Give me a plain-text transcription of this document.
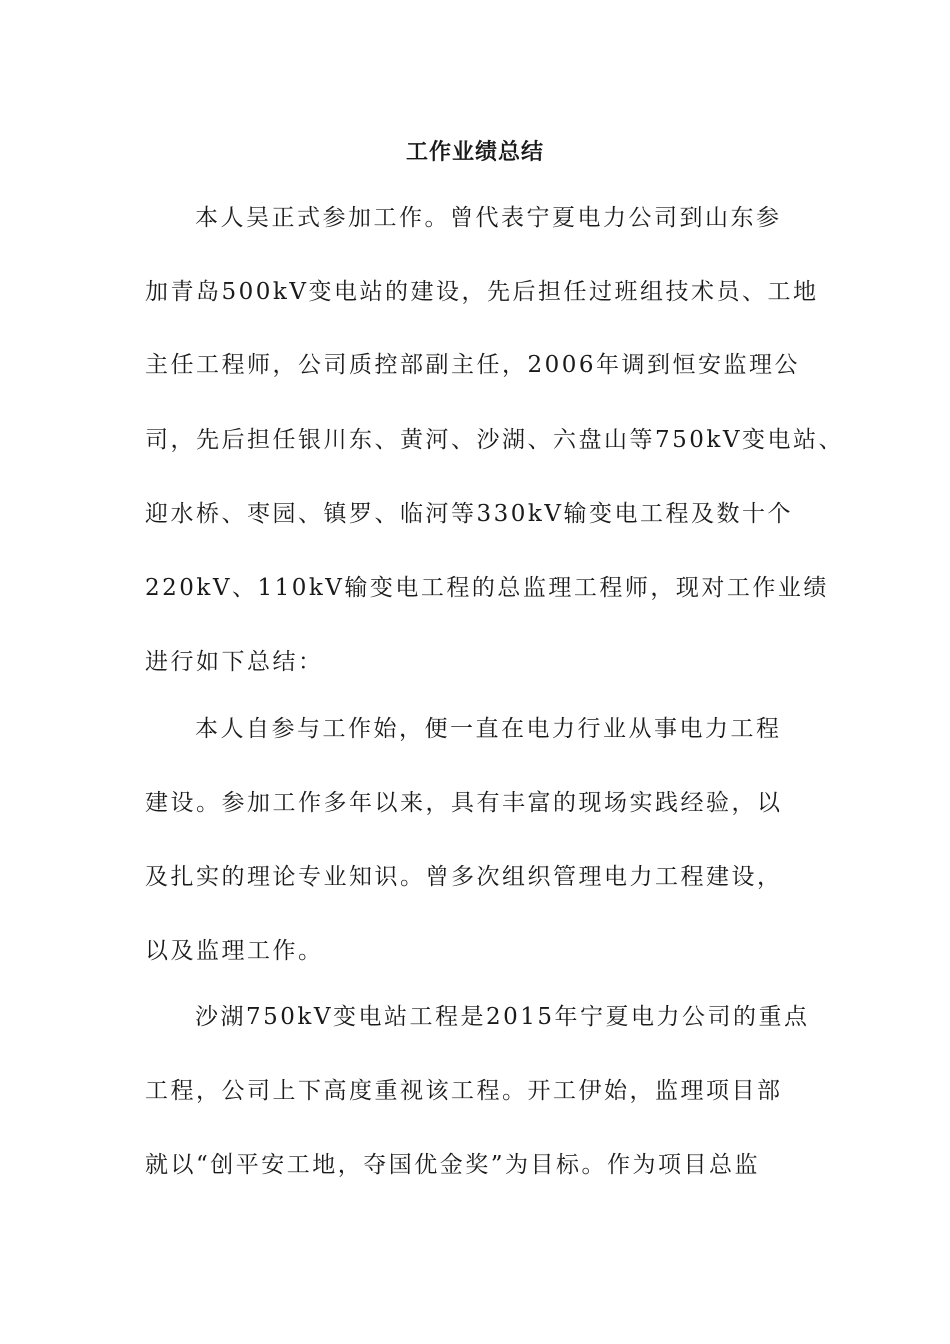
工作业绩总结
本人吴正式参加工作。曾代表宁夏电力公司到山东参
加青岛500kV变电站的建设，先后担任过班组技术员、工地
主任工程师，公司质控部副主任，2006年调到恒安监理公
司，先后担任银川东、黄河、沙湖、六盘山等750kV变电站、
迎水桥、枣园、镇罗、临河等330kV输变电工程及数十个
220kV、110kV输变电工程的总监理工程师，现对工作业绩
进行如下总结：
本人自参与工作始，便一直在电力行业从事电力工程
建设。参加工作多年以来，具有丰富的现场实践经验，以
及扎实的理论专业知识。曾多次组织管理电力工程建设，
以及监理工作。
沙湖750kV变电站工程是2015年宁夏电力公司的重点
工程，公司上下高度重视该工程。开工伊始，监理项目部
就以“创平安工地，夺国优金奖”为目标。作为项目总监
